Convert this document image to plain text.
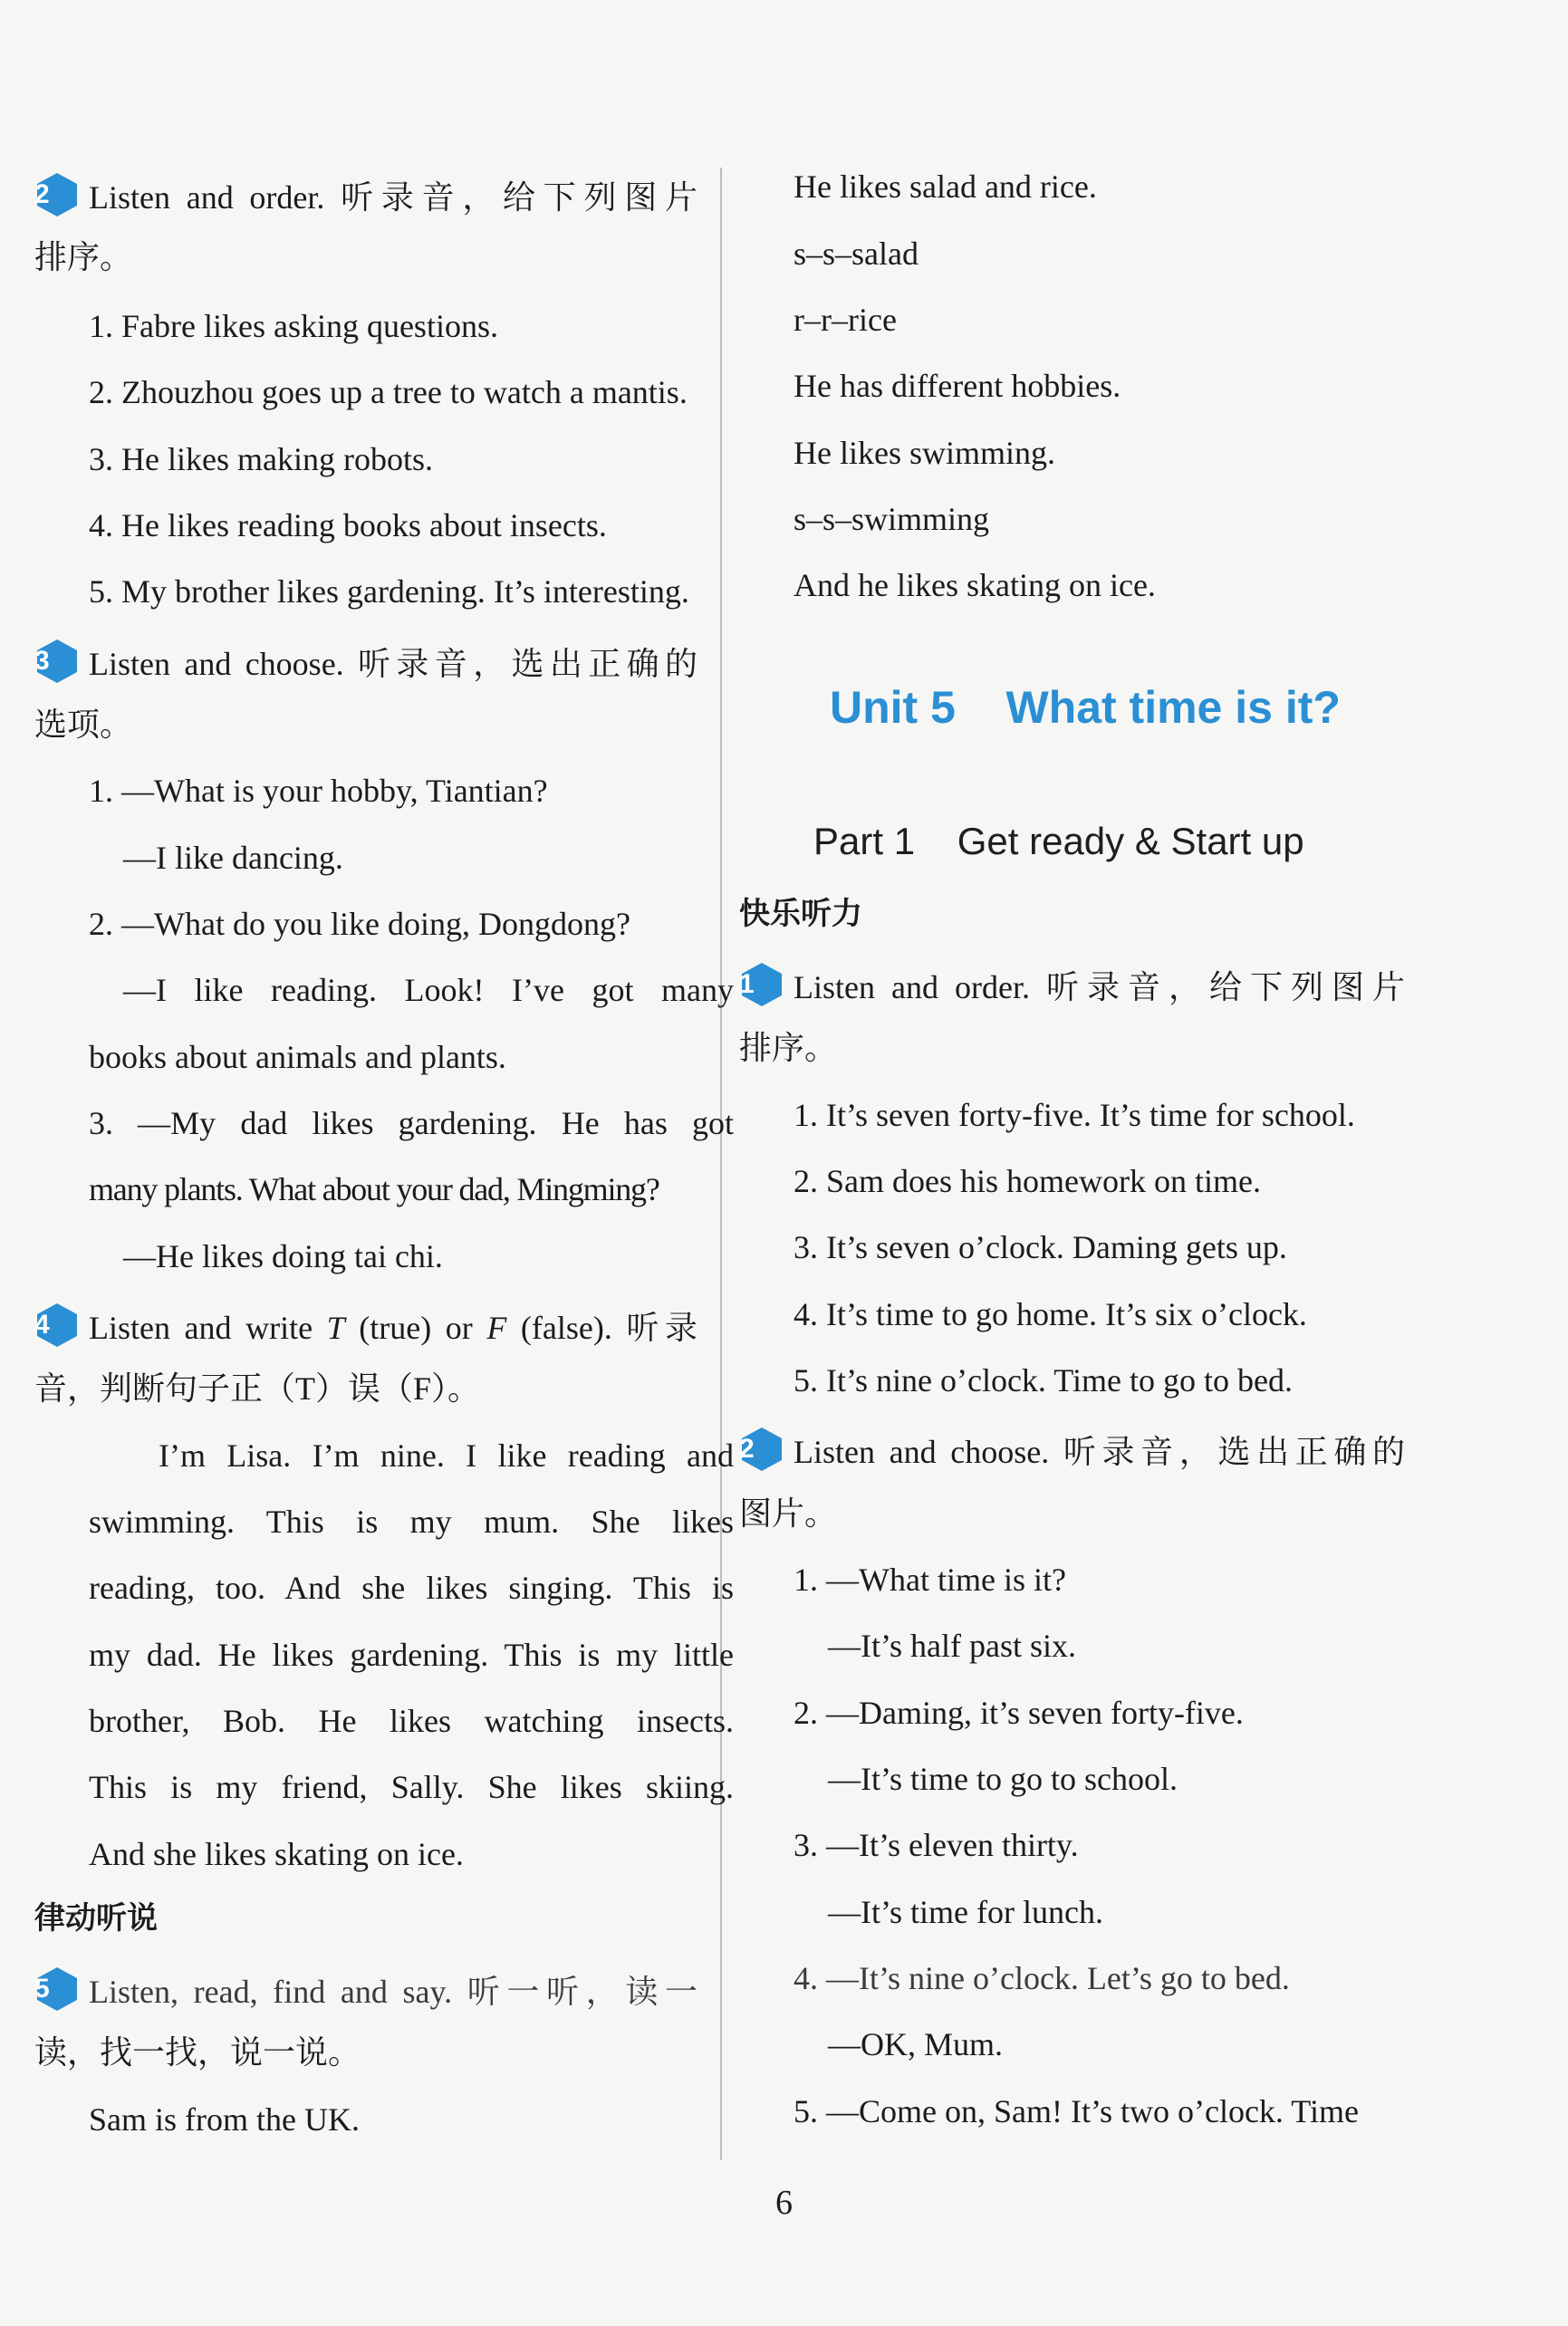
2	Listen and order. 听录音，给下列图片
排序。
1. Fabre likes asking questions.
2. Zhouzhou goes up a tree to watch a mantis.
3. He likes making robots.
4. He likes reading books about insects.
5. My brother likes gardening. It’s interesting.
3	Listen and choose. 听录音，选出正确的
选项。
1. —What is your hobby, Tiantian?
—I like dancing.
2. —What do you like doing, Dongdong?
—I like reading. Look! I’ve got many
books about animals and plants.
3. —My dad likes gardening. He has got
many plants. What about your dad, Mingming?
—He likes doing tai chi.
4	Listen and write T (true) or F (false). 听录
音，判断句子正（T）误（F）。
I’m Lisa. I’m nine. I like reading and
swimming. This is my mum. She likes
reading, too. And she likes singing. This is
my dad. He likes gardening. This is my little
brother, Bob. He likes watching insects.
This is my friend, Sally. She likes skiing.
And she likes skating on ice.
律动听说
5	Listen, read, find and say. 听一听，读一
读，找一找，说一说。
Sam is from the UK.
He likes salad and rice.
s–s–salad
r–r–rice
He has different hobbies.
He likes swimming.
s–s–swimming
And he likes skating on ice.
Unit 5    What time is it?
Part 1    Get ready & Start up
快乐听力
1	Listen and order. 听录音，给下列图片
排序。
1. It’s seven forty-five. It’s time for school.
2. Sam does his homework on time.
3. It’s seven o’clock. Daming gets up.
4. It’s time to go home. It’s six o’clock.
5. It’s nine o’clock. Time to go to bed.
2	Listen and choose. 听录音，选出正确的
图片。
1. —What time is it?
—It’s half past six.
2. —Daming, it’s seven forty-five.
—It’s time to go to school.
3. —It’s eleven thirty.
—It’s time for lunch.
4. —It’s nine o’clock. Let’s go to bed.
—OK, Mum.
5. —Come on, Sam! It’s two o’clock. Time
6
